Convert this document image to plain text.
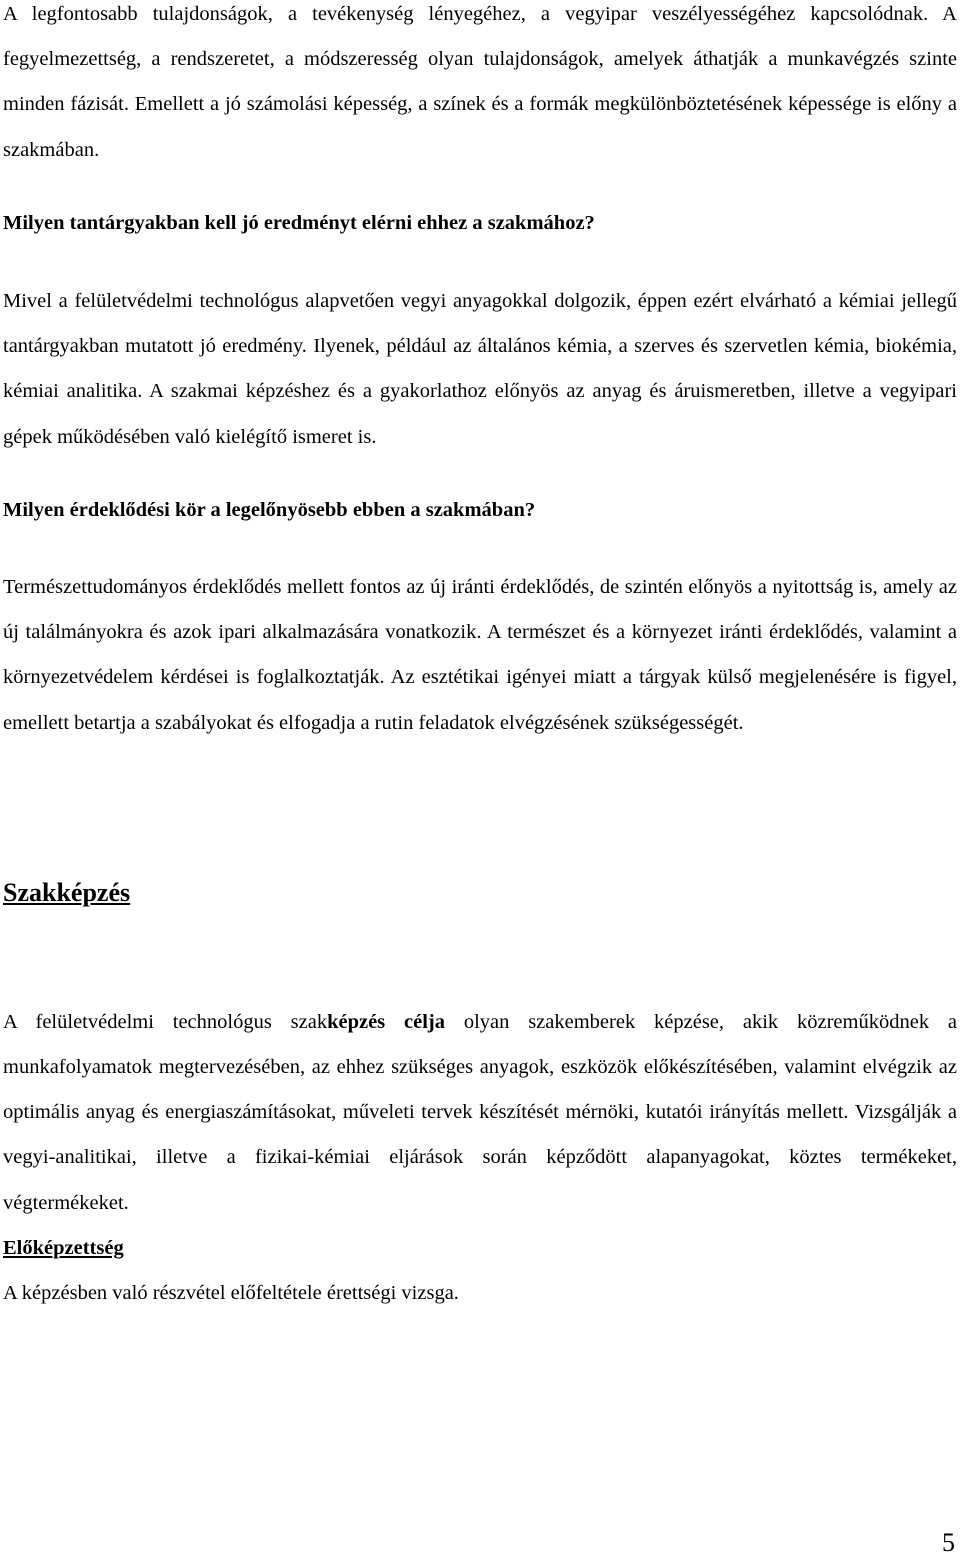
A legfontosabb tulajdonságok, a tevékenység lényegéhez, a vegyipar veszélyességéhez kapcsolódnak. A fegyelmezettség, a rendszeretet, a módszeresség olyan tulajdonságok, amelyek áthatják a munkavégzés szinte minden fázisát. Emellett a jó számolási képesség, a színek és a formák megkülönböztetésének képessége is előny a szakmában.

Milyen tantárgyakban kell jó eredményt elérni ehhez a szakmához?

Mivel a felületvédelmi technológus alapvetően vegyi anyagokkal dolgozik, éppen ezért elvárható a kémiai jellegű tantárgyakban mutatott jó eredmény. Ilyenek, például az általános kémia, a szerves és szervetlen kémia, biokémia, kémiai analitika. A szakmai képzéshez és a gyakorlathoz előnyös az anyag és áruismeretben, illetve a vegyipari gépek működésében való kielégítő ismeret is.

Milyen érdeklődési kör a legelőnyösebb ebben a szakmában?

Természettudományos érdeklődés mellett fontos az új iránti érdeklődés, de szintén előnyös a nyitottság is, amely az új találmányokra és azok ipari alkalmazására vonatkozik. A természet és a környezet iránti érdeklődés, valamint a környezetvédelem kérdései is foglalkoztatják. Az esztétikai igényei miatt a tárgyak külső megjelenésére is figyel, emellett betartja a szabályokat és elfogadja a rutin feladatok elvégzésének szükségességét.

Szakképzés

A felületvédelmi technológus szakképzés célja olyan szakemberek képzése, akik közreműködnek a munkafolyamatok megtervezésében, az ehhez szükséges anyagok, eszközök előkészítésében, valamint elvégzik az optimális anyag és energiaszámításokat, műveleti tervek készítését mérnöki, kutatói irányítás mellett. Vizsgálják a vegyi-analitikai, illetve a fizikai-kémiai eljárások során képződött alapanyagokat, köztes termékeket, végtermékeket.

Előképzettség

A képzésben való részvétel előfeltétele érettségi vizsga.

5
